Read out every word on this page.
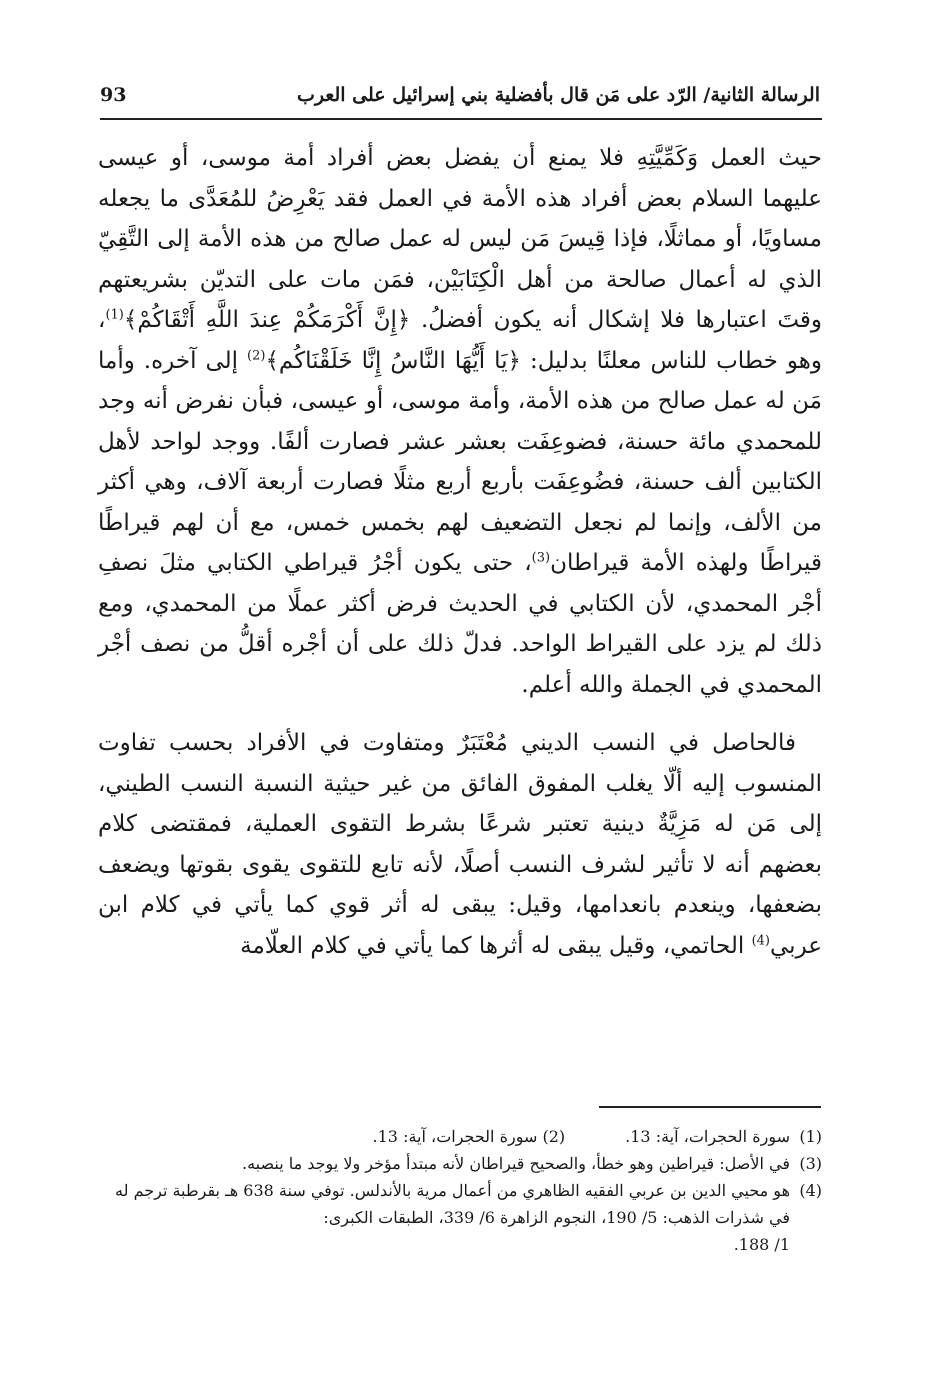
الرسالة الثانية/ الرّد على مَن قال بأفضلية بني إسرائيل على العرب
93

حيث العمل وَكَمِّيَّتِهِ فلا يمنع أن يفضل بعض أفراد أمة موسى، أو عيسى عليهما السلام بعض أفراد هذه الأمة في العمل فقد يَعْرِضُ للمُعَدَّى ما يجعله مساويًا، أو مماثلًا، فإذا قِيسَ مَن ليس له عمل صالح من هذه الأمة إلى التَّقِيّ الذي له أعمال صالحة من أهل الْكِتَابَيْن، فمَن مات على التديّن بشريعتهم وقتَ اعتبارها فلا إشكال أنه يكون أفضلُ. ﴿إِنَّ أَكْرَمَكُمْ عِندَ اللَّهِ أَتْقَاكُمْ﴾$^{(1)}$، وهو خطاب للناس معلنًا بدليل: ﴿يَا أَيُّهَا النَّاسُ إِنَّا خَلَقْنَاكُم﴾$^{(2)}$ إلى آخره. وأما مَن له عمل صالح من هذه الأمة، وأمة موسى، أو عيسى، فبأن نفرض أنه وجد للمحمدي مائة حسنة، فضوعِفَت بعشر عشر فصارت ألفًا. ووجد لواحد لأهل الكتابين ألف حسنة، فضُوعِفَت بأربع أربع مثلًا فصارت أربعة آلاف، وهي أكثر من الألف، وإنما لم نجعل التضعيف لهم بخمس خمس، مع أن لهم قيراطًا قيراطًا ولهذه الأمة قيراطان$^{(3)}$، حتى يكون أجْرُ قيراطي الكتابي مثلَ نصفِ أجْر المحمدي، لأن الكتابي في الحديث فرض أكثر عملًا من المحمدي، ومع ذلك لم يزد على القيراط الواحد. فدلّ ذلك على أن أجْره أقلُّ من نصف أجْر المحمدي في الجملة والله أعلم.

فالحاصل في النسب الديني مُعْتَبَرٌ ومتفاوت في الأفراد بحسب تفاوت المنسوب إليه ألّا يغلب المفوق الفائق من غير حيثية النسبة النسب الطيني، إلى مَن له مَزِيَّةٌ دينية تعتبر شرعًا بشرط التقوى العملية، فمقتضى كلام بعضهم أنه لا تأثير لشرف النسب أصلًا، لأنه تابع للتقوى يقوى بقوتها ويضعف بضعفها، وينعدم بانعدامها، وقيل: يبقى له أثر قوي كما يأتي في كلام ابن عربي$^{(4)}$ الحاتمي، وقيل يبقى له أثرها كما يأتي في كلام العلّامة

(1)
سورة الحجرات، آية: 13.(2) سورة الحجرات، آية: 13.
(3)
في الأصل: قيراطين وهو خطأ، والصحيح قيراطان لأنه مبتدأ مؤخر ولا يوجد ما ينصبه.
(4)
هو محيي الدين بن عربي الفقيه الظاهري من أعمال مرية بالأندلس. توفي سنة 638 هـ بقرطبة ترجم له في شذرات الذهب: 5/ 190، النجوم الزاهرة 6/ 339، الطبقات الكبرى:
1/ 188.
